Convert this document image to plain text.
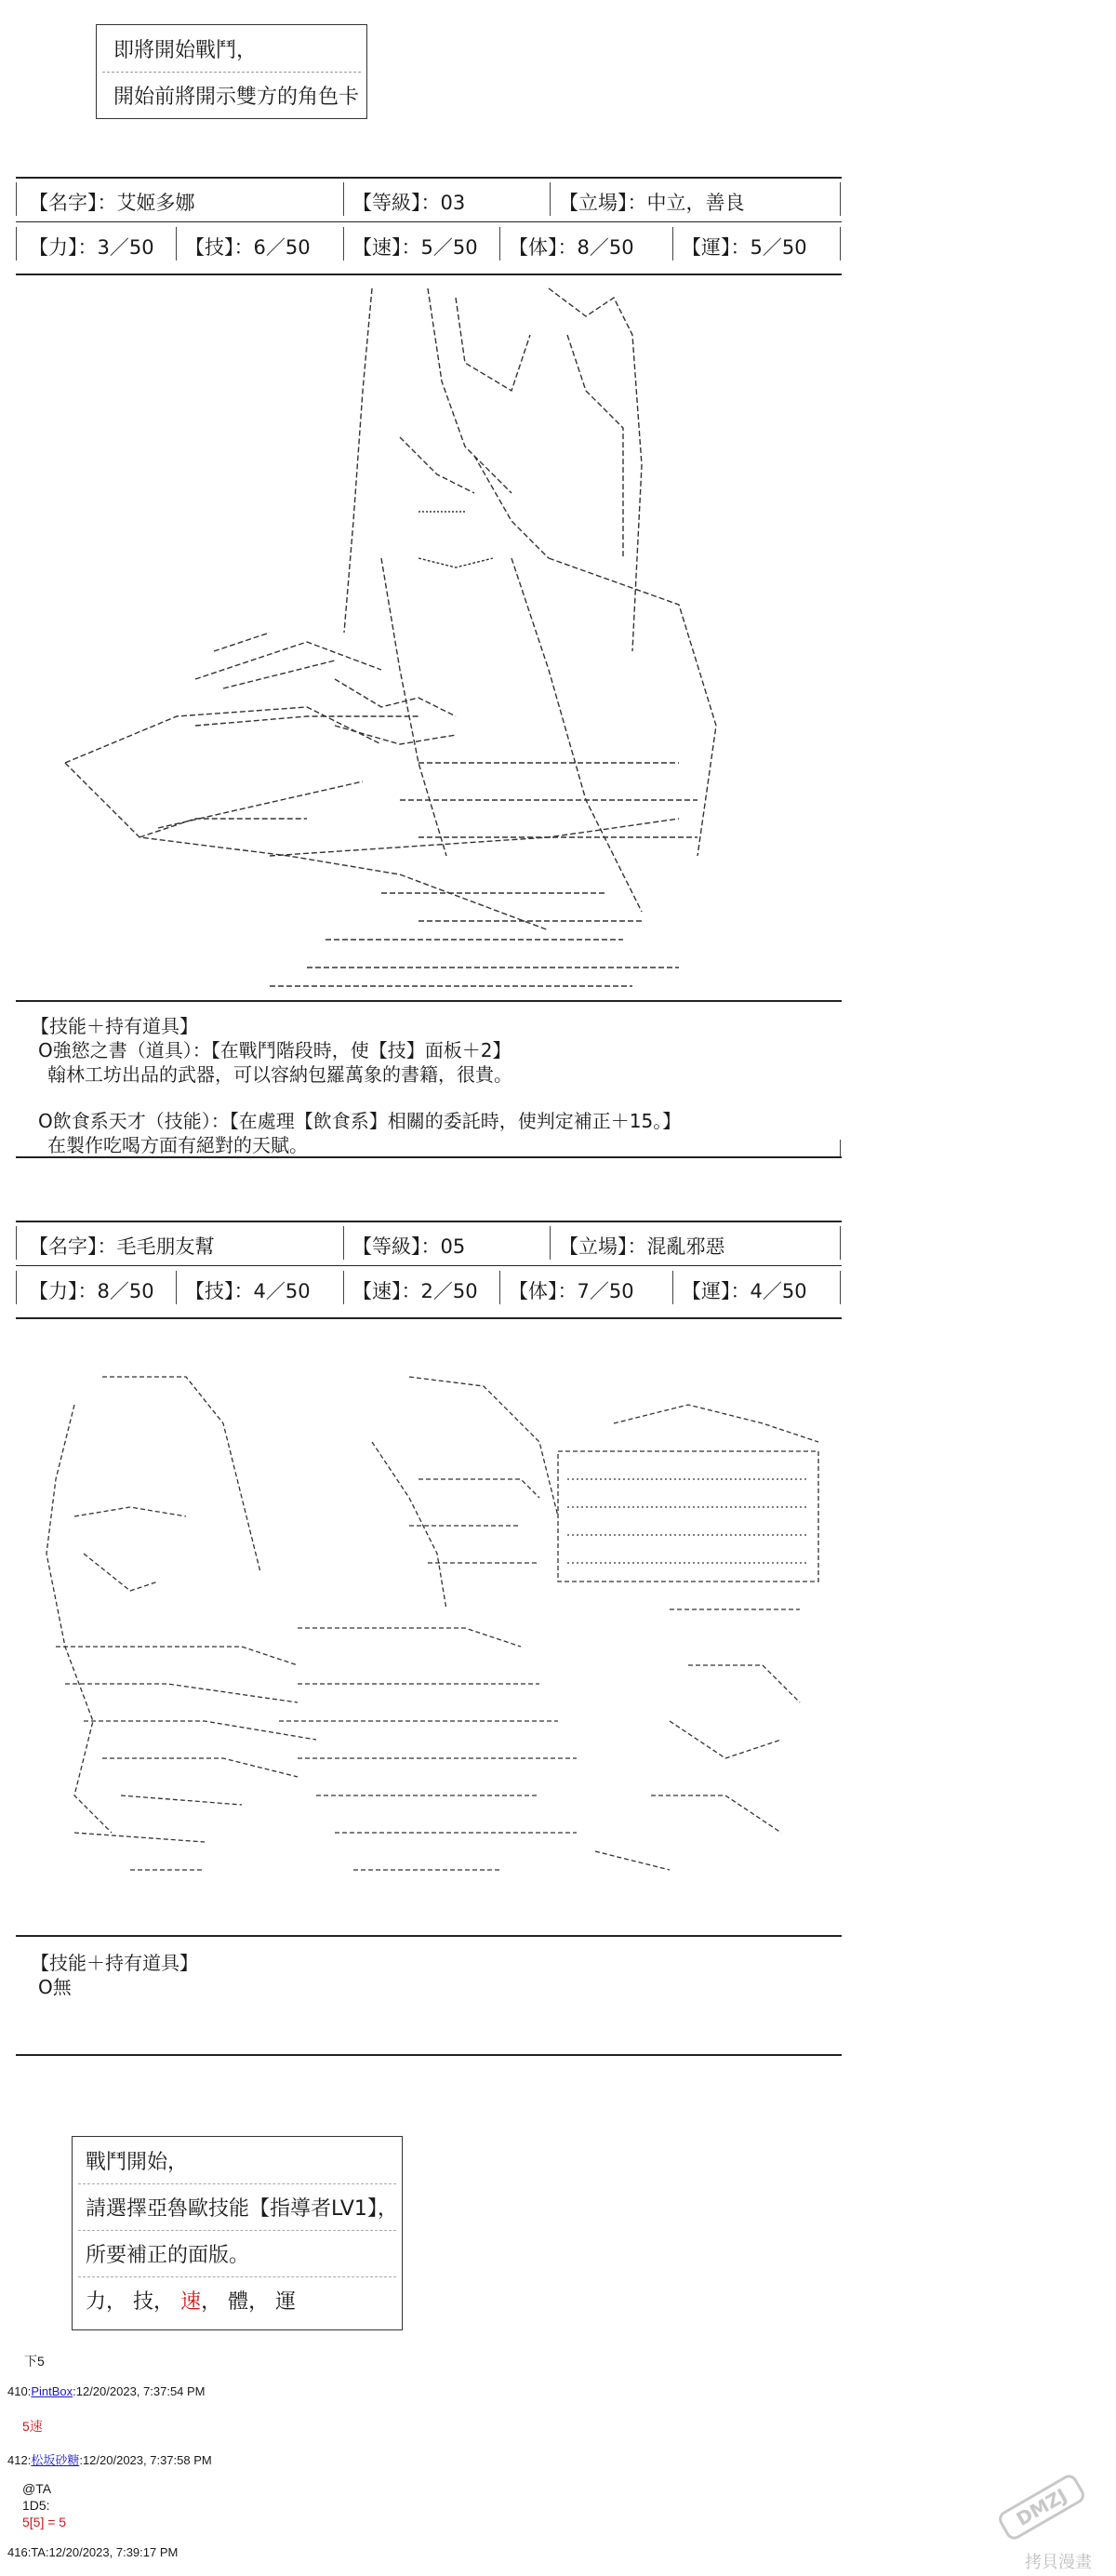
即將開始戰鬥，
開始前將開示雙方的角色卡
【名字】：艾姬多娜	【等級】：03	【立場】：中立，善良
【力】：3／50 【技】：6／50 【速】：5／50 【体】：8／50 【運】：5／50
【技能＋持有道具】
O強慾之書（道具）：【在戰鬥階段時，使【技】面板＋2】
翰林工坊出品的武器，可以容納包羅萬象的書籍，很貴。
O飲食系天才（技能）：【在處理【飲食系】相關的委託時，使判定補正＋15。】
在製作吃喝方面有絕對的天賦。
【名字】：毛毛朋友幫	【等級】：05	【立場】：混亂邪惡
【力】：8／50 【技】：4／50 【速】：2／50 【体】：7／50 【運】：4／50
【技能＋持有道具】
O無
戰鬥開始，
請選擇亞魯歐技能【指導者LV1】，
所要補正的面版。
力， 技， 速， 體， 運
下5
410:PintBox:12/20/2023, 7:37:54 PM
5速
412:松坂砂糖:12/20/2023, 7:37:58 PM
@TA
1D5:
5[5] = 5
416:TA:12/20/2023, 7:39:17 PM
DMZJ
拷貝漫畫
